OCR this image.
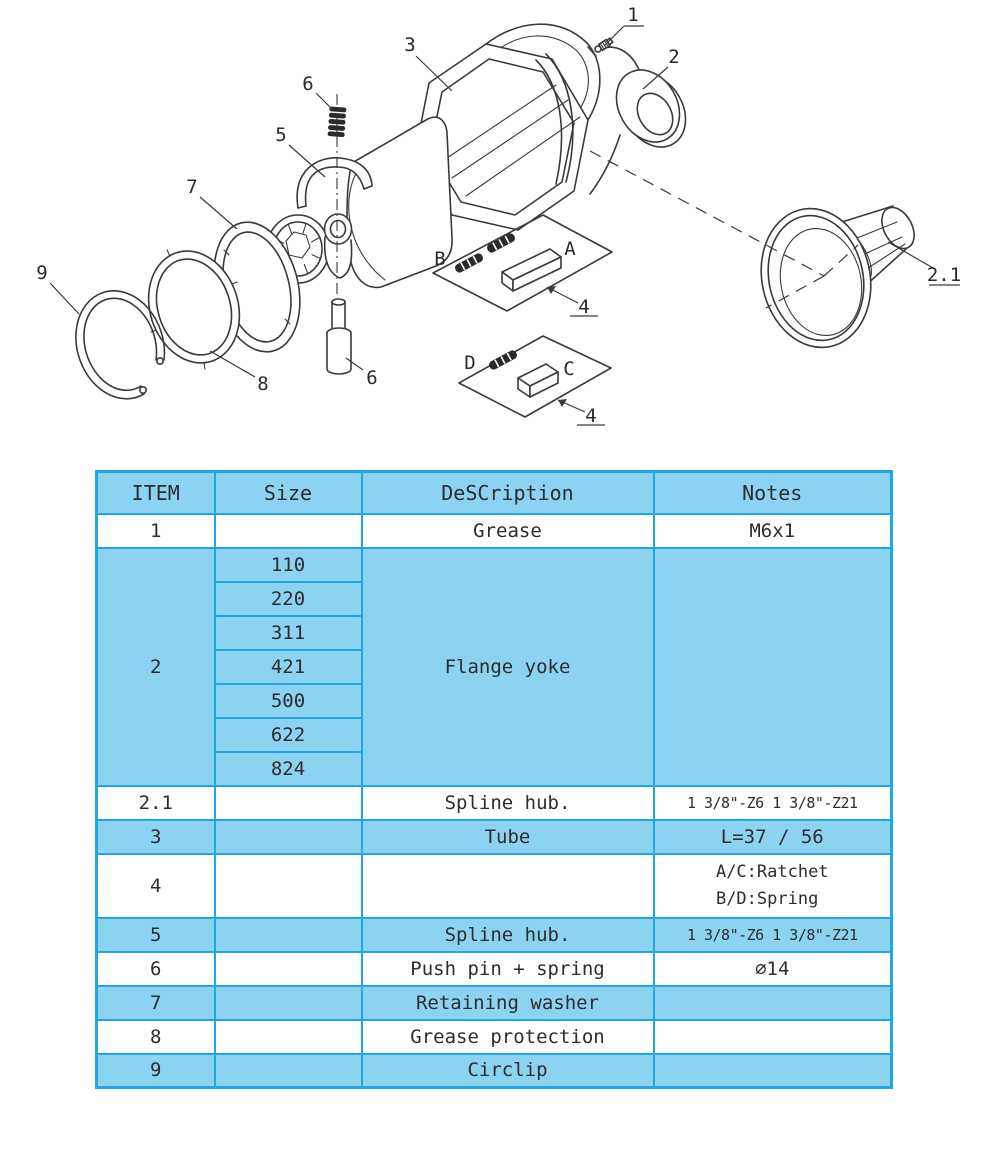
1
3
2
6
5
7
9
8	6
2.1
B	A
4
D	C
4
ITEM	Size	DeSCription	Notes
1		Grease	M6x1
2	110	Flange yoke	
	220		
	311		
	421		
	500		
	622		
	824		
2.1		Spline hub.	1 3/8"-Z6 1 3/8"-Z21
3		Tube	L=37 / 56
4			A/C:Ratchet
B/D:Spring
5		Spline hub.	1 3/8"-Z6 1 3/8"-Z21
6		Push pin + spring	∅14
7		Retaining washer	
8		Grease protection	
9		Circlip	
